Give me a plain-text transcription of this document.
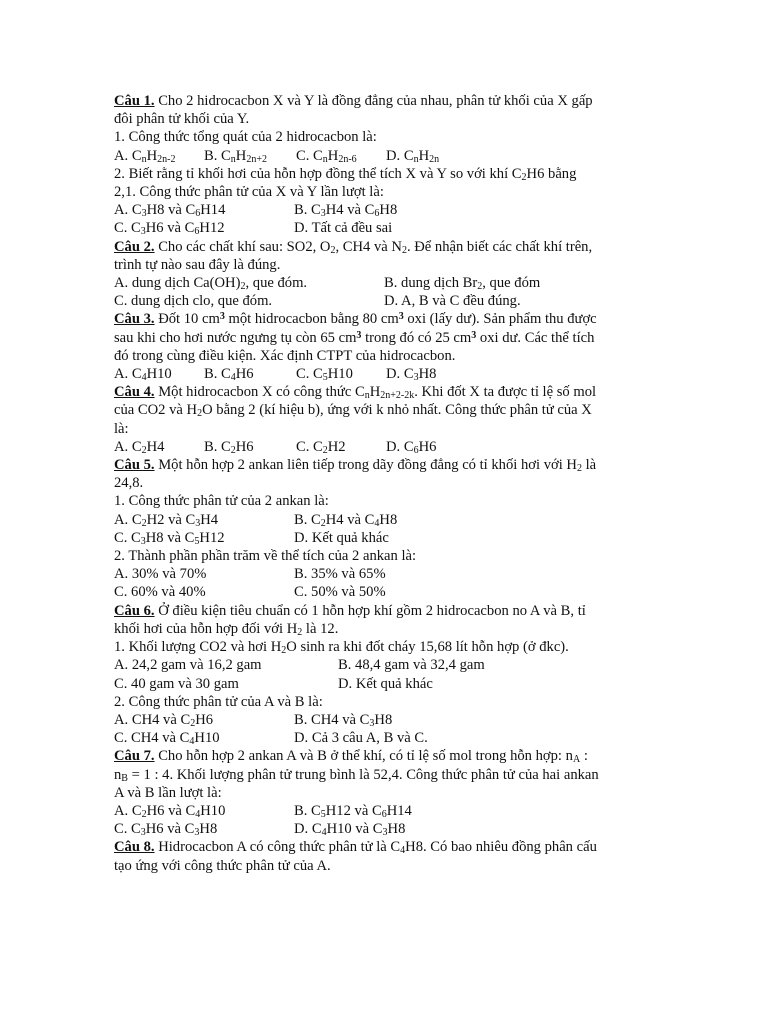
Câu 1. Cho 2 hidrocacbon X và Y là đồng đẳng của nhau, phân tử khối của X gấp
đôi phân tử khối của Y.
1. Công thức tổng quát của 2 hidrocacbon là:
A. $C_nH_{2n-2}$	B. $C_nH_{2n+2}$	C. $C_nH_{2n-6}$	D. $C_nH_{2n}$
2. Biết rằng tỉ khối hơi của hỗn hợp đồng thể tích X và Y so với khí $C_2H6$ bằng
2,1. Công thức phân tử của X và Y lần lượt là:
A. $C_3H8$ và $C_6H14$	B. $C_3H4$ và $C_6H8$
C. $C_3H6$ và $C_6H12$	D. Tất cả đều sai
Câu 2. Cho các chất khí sau: SO2, $O_2$, CH4 và $N_2$. Để nhận biết các chất khí trên,
trình tự nào sau đây là đúng.
A. dung dịch $Ca(OH)_2$, que đóm.	B. dung dịch $Br_2$, que đóm
C. dung dịch clo, que đóm.	D. A, B và C đều đúng.
Câu 3. Đốt 10 $cm^3$ một hidrocacbon bằng 80 $cm^3$ oxi (lấy dư). Sản phẩm thu được
sau khi cho hơi nước ngưng tụ còn 65 $cm^3$ trong đó có 25 $cm^3$ oxi dư. Các thể tích
đó trong cùng điều kiện. Xác định CTPT của hidrocacbon.
A. $C_4H10$	B. $C_4H6$	C. $C_5H10$	D. $C_3H8$
Câu 4. Một hidrocacbon X có công thức $C_nH_{2n+2-2k}$. Khi đốt X ta được tỉ lệ số mol
của CO2 và $H_2O$ bằng 2 (kí hiệu b), ứng với k nhỏ nhất. Công thức phân tử của X
là:
A. $C_2H4$	B. $C_2H6$	C. $C_2H2$	D. $C_6H6$
Câu 5. Một hỗn hợp 2 ankan liên tiếp trong dãy đồng đẳng có tỉ khối hơi với $H_2$ là
24,8.
1. Công thức phân tử của 2 ankan là:
A. $C_2H2$ và $C_3H4$	B. $C_2H4$ và $C_4H8$
C. $C_3H8$ và $C_5H12$	D. Kết quả khác
2. Thành phần phần trăm về thể tích của 2 ankan là:
A. 30% và 70%	B. 35% và 65%
C. 60% và 40%	C. 50% và 50%
Câu 6. Ở điều kiện tiêu chuẩn có 1 hỗn hợp khí gồm 2 hidrocacbon no A và B, tỉ
khối hơi của hỗn hợp đối với $H_2$ là 12.
1. Khối lượng CO2 và hơi $H_2O$ sinh ra khi đốt cháy 15,68 lít hỗn hợp (ở đkc).
A. 24,2 gam và 16,2 gam	B. 48,4 gam và 32,4 gam
C. 40 gam và 30 gam	D. Kết quả khác
2. Công thức phân tử của A và B là:
A. CH4 và $C_2H6$	B. CH4 và $C_3H8$
C. CH4 và $C_4H10$	D. Cả 3 câu A, B và C.
Câu 7. Cho hỗn hợp 2 ankan A và B ở thể khí, có tỉ lệ số mol trong hỗn hợp: $n_A$ :
$n_B = 1$ : 4. Khối lượng phân tử trung bình là 52,4. Công thức phân tử của hai ankan
A và B lần lượt là:
A. $C_2H6$ và $C_4H10$	B. $C_5H12$ và $C_6H14$
C. $C_3H6$ và $C_3H8$	D. $C_4H10$ và $C_3H8$
Câu 8. Hidrocacbon A có công thức phân tử là $C_4H8$. Có bao nhiêu đồng phân cấu
tạo ứng với công thức phân tử của A.
